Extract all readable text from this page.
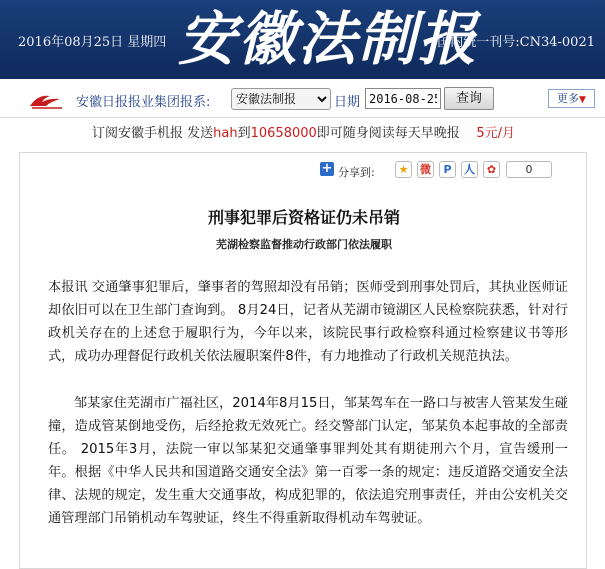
2016年08月25日 星期四 安徽法制报
国内统一刊号:CN34-0021
安徽日报报业集团报系:
安徽法制报	日期
2016-08-25	查询	更多▼
订阅安徽手机报 发送hah到10658000即可随身阅读每天早晚报 5元/月
+ 分享到:	★	微	P	人	✿	0
刑事犯罪后资格证仍未吊销
芜湖检察监督推动行政部门依法履职

本报讯 交通肇事犯罪后，肇事者的驾照却没有吊销；医师受到刑事处罚后，其执业医师证却依旧可以在卫生部门查询到。 8月24日，记者从芜湖市镜湖区人民检察院获悉，针对行政机关存在的上述怠于履职行为，今年以来，该院民事行政检察科通过检察建议书等形式，成功办理督促行政机关依法履职案件8件，有力地推动了行政机关规范执法。

邹某家住芜湖市广福社区，2014年8月15日，邹某驾车在一路口与被害人管某发生碰撞，造成管某倒地受伤，后经抢救无效死亡。经交警部门认定，邹某负本起事故的全部责任。 2015年3月，法院一审以邹某犯交通肇事罪判处其有期徒刑六个月，宣告缓刑一年。根据《中华人民共和国道路交通安全法》第一百零一条的规定：违反道路交通安全法律、法规的规定，发生重大交通事故，构成犯罪的，依法追究刑事责任，并由公安机关交通管理部门吊销机动车驾驶证，终生不得重新取得机动车驾驶证。
